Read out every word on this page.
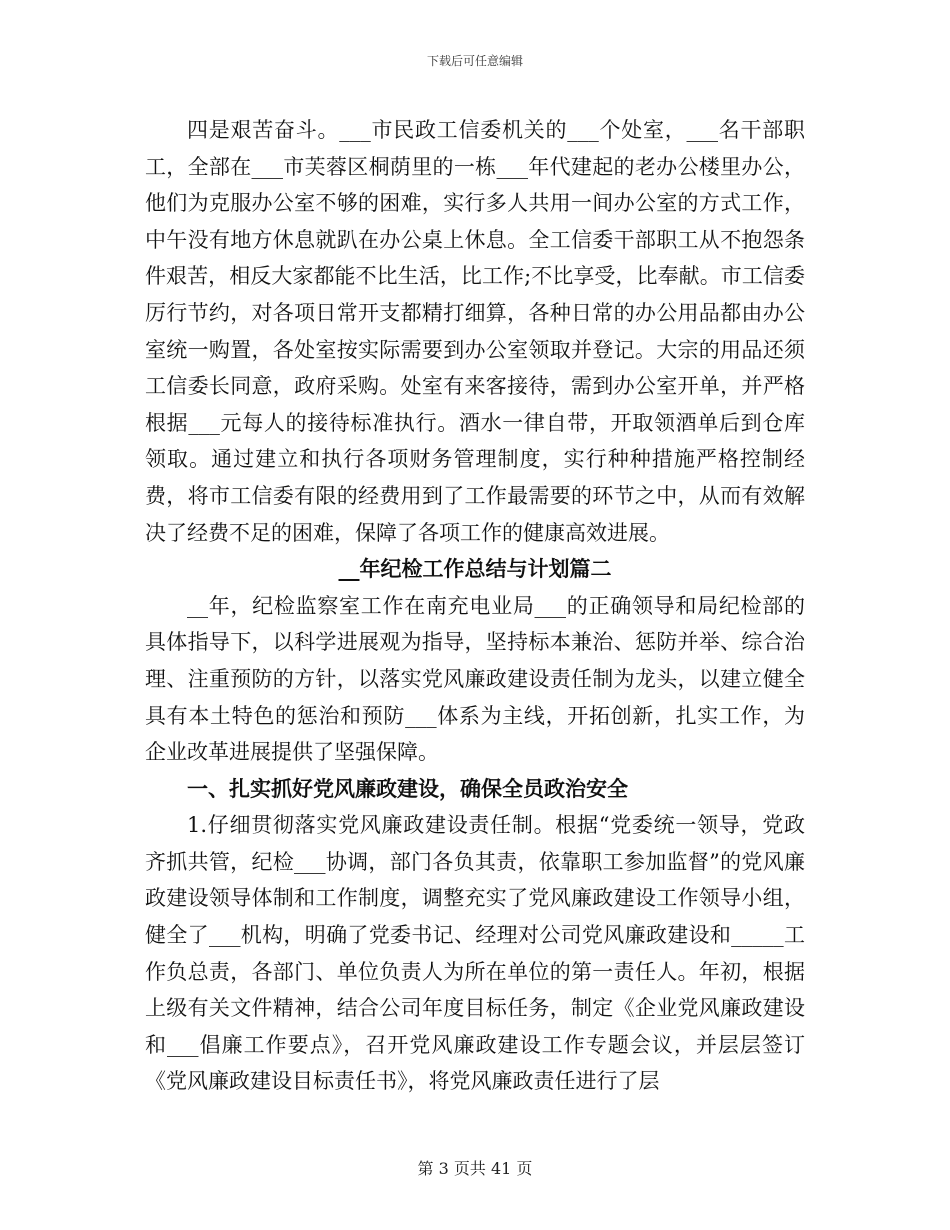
下载后可任意编辑

四是艰苦奋斗。___市民政工信委机关的___个处室，___名干部职工，全部在___市芙蓉区桐荫里的一栋___年代建起的老办公楼里办公，他们为克服办公室不够的困难，实行多人共用一间办公室的方式工作，中午没有地方休息就趴在办公桌上休息。全工信委干部职工从不抱怨条件艰苦，相反大家都能不比生活，比工作;不比享受，比奉献。市工信委厉行节约，对各项日常开支都精打细算，各种日常的办公用品都由办公室统一购置，各处室按实际需要到办公室领取并登记。大宗的用品还须工信委长同意，政府采购。处室有来客接待，需到办公室开单，并严格根据___元每人的接待标准执行。酒水一律自带，开取领酒单后到仓库领取。通过建立和执行各项财务管理制度，实行种种措施严格控制经费，将市工信委有限的经费用到了工作最需要的环节之中，从而有效解决了经费不足的困难，保障了各项工作的健康高效进展。

__年纪检工作总结与计划篇二

__年，纪检监察室工作在南充电业局___的正确领导和局纪检部的具体指导下，以科学进展观为指导，坚持标本兼治、惩防并举、综合治理、注重预防的方针，以落实党风廉政建设责任制为龙头，以建立健全具有本土特色的惩治和预防___体系为主线，开拓创新，扎实工作，为企业改革进展提供了坚强保障。

一、扎实抓好党风廉政建设，确保全员政治安全

1.仔细贯彻落实党风廉政建设责任制。根据“党委统一领导，党政齐抓共管，纪检___协调，部门各负其责，依靠职工参加监督”的党风廉政建设领导体制和工作制度，调整充实了党风廉政建设工作领导小组，健全了___机构，明确了党委书记、经理对公司党风廉政建设和_____工作负总责，各部门、单位负责人为所在单位的第一责任人。年初，根据上级有关文件精神，结合公司年度目标任务，制定《企业党风廉政建设和___倡廉工作要点》，召开党风廉政建设工作专题会议，并层层签订《党风廉政建设目标责任书》，将党风廉政责任进行了层

第 3 页共 41 页
